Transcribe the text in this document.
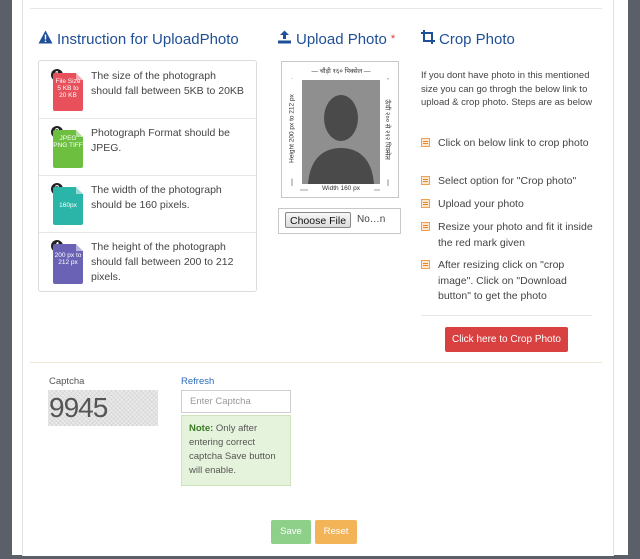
Instruction for UploadPhoto
File Size 5 KB to 20 KB
The size of the photograph should fall between 5KB to 20KB
JPEG PNG TIFF
Photograph Format should be JPEG.
160px
The width of the photograph should be 160 pixels.
200 px to 212 px
The height of the photograph should fall between 200 to 212 pixels.
Upload Photo *
— चौड़ी १६० पिक्सेल —
Width 160 px
Height 200 px to 212 px	ऊँची २०० से २१२ पिक्सेल
Choose File	No…n
Crop Photo
If you dont have photo in this mentioned size you can go throgh the below link to upload & crop photo. Steps are as below
Click on below link to crop photo
Select option for "Crop photo"
Upload your photo
Resize your photo and fit it inside the red mark given
After resizing click on "crop image". Click on "Download button" to get the photo
Click here to Crop Photo
Captcha
9945
Refresh
Enter Captcha
Note: Only after entering correct captcha Save button will enable.
Save	Reset
